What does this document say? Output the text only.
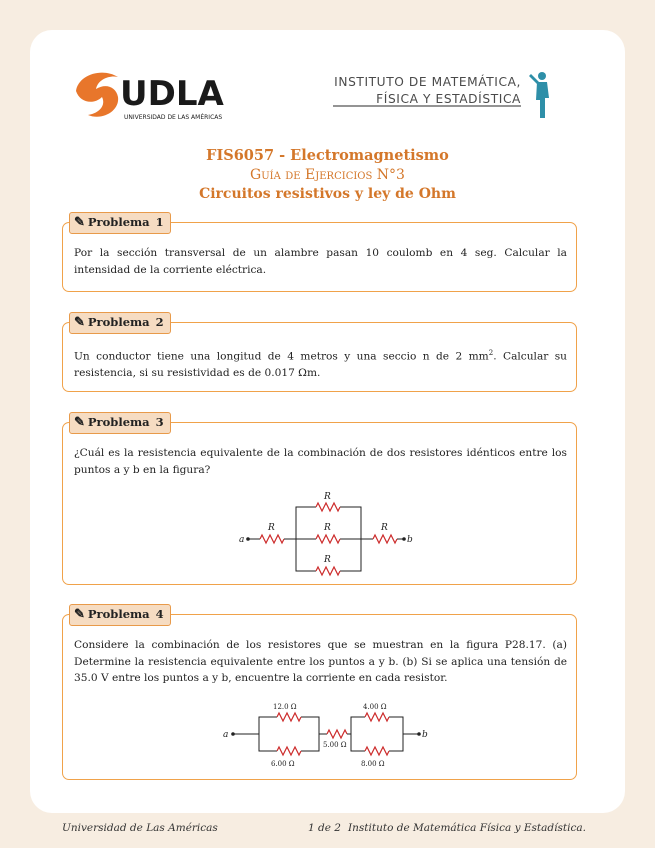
UDLA
UNIVERSIDAD DE LAS AMÉRICAS
INSTITUTO DE MATEMÁTICA,
FÍSICA Y ESTADÍSTICA
FIS6057 - Electromagnetismo
Guía de Ejercicios N°3
Circuitos resistivos y ley de Ohm
✎ Problema 1
Por la sección transversal de un alambre pasan 10 coulomb en 4 seg. Calcular la intensidad de la corriente eléctrica.
✎ Problema 2
Un conductor tiene una longitud de 4 metros y una seccio n de 2 $mm^2$. Calcular su resistencia, si su resistividad es de 0.017 Ωm.
✎ Problema 3
¿Cuál es la resistencia equivalente de la combinación de dos resistores idénticos entre los puntos a y b en la figura?
a
R
R
R
R
R
b
✎ Problema 4
Considere la combinación de los resistores que se muestran en la figura P28.17. (a) Determine la resistencia equivalente entre los puntos a y b. (b) Si se aplica una tensión de 35.0 V entre los puntos a y b, encuentre la corriente en cada resistor.
a
12.0 Ω
6.00 Ω
5.00 Ω
4.00 Ω
8.00 Ω
b
Universidad de Las Américas	1 de 2 Instituto de Matemática Física y Estadística.
